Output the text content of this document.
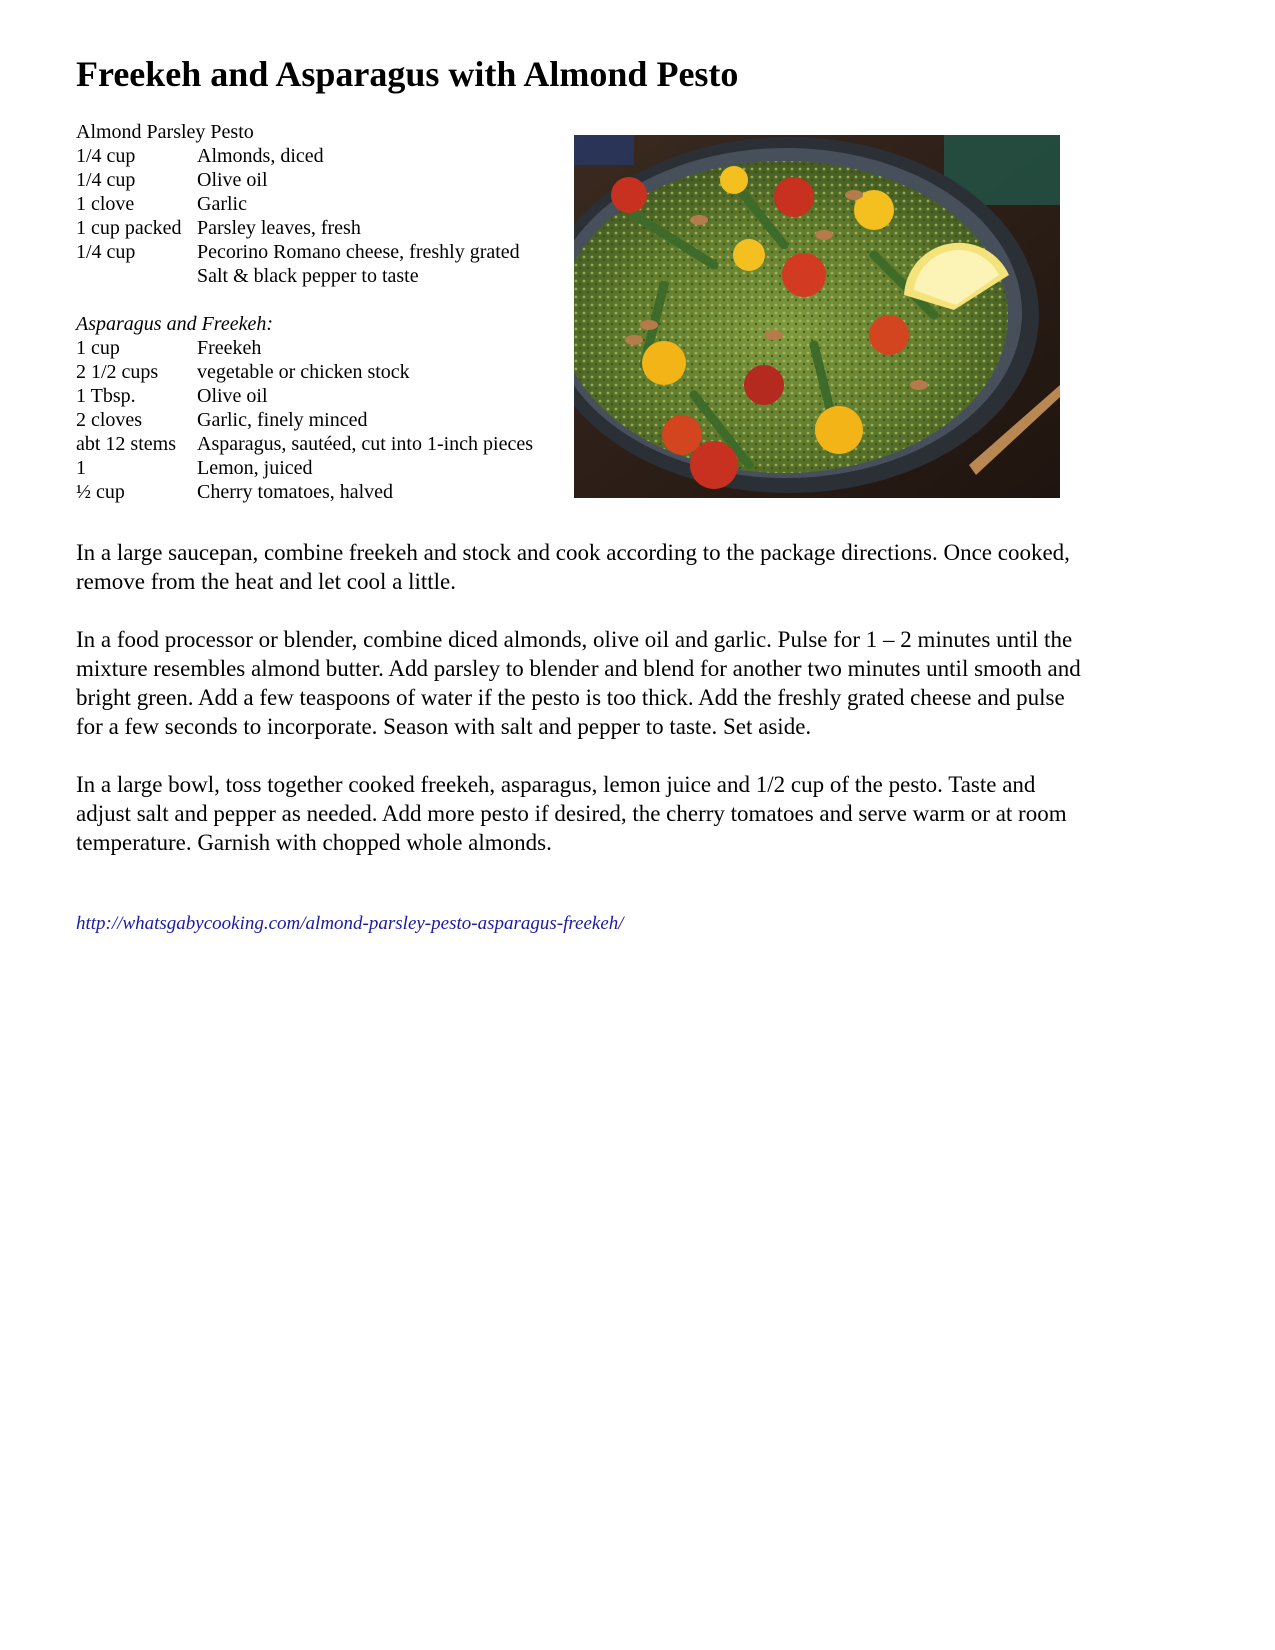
Freekeh and Asparagus with Almond Pesto
Almond Parsley Pesto
1/4 cup	Almonds, diced
1/4 cup	Olive oil
1 clove	Garlic
1 cup packed Parsley leaves, fresh
1/4 cup	Pecorino Romano cheese, freshly grated
Salt & black pepper to taste
Asparagus and Freekeh:
1 cup	Freekeh
2 1/2 cups	vegetable or chicken stock
1 Tbsp.	Olive oil
2 cloves	Garlic, finely minced
abt 12 stems	Asparagus, sautéed, cut into 1-inch pieces
1	Lemon, juiced
½ cup	Cherry tomatoes, halved

In a large saucepan, combine freekeh and stock and cook according to the package directions. Once cooked, remove from the heat and let cool a little.

In a food processor or blender, combine diced almonds, olive oil and garlic. Pulse for 1 – 2 minutes until the mixture resembles almond butter. Add parsley to blender and blend for another two minutes until smooth and bright green. Add a few teaspoons of water if the pesto is too thick. Add the freshly grated cheese and pulse for a few seconds to incorporate. Season with salt and pepper to taste. Set aside.

In a large bowl, toss together cooked freekeh, asparagus, lemon juice and 1/2 cup of the pesto. Taste and adjust salt and pepper as needed. Add more pesto if desired, the cherry tomatoes and serve warm or at room temperature. Garnish with chopped whole almonds.

http://whatsgabycooking.com/almond-parsley-pesto-asparagus-freekeh/
